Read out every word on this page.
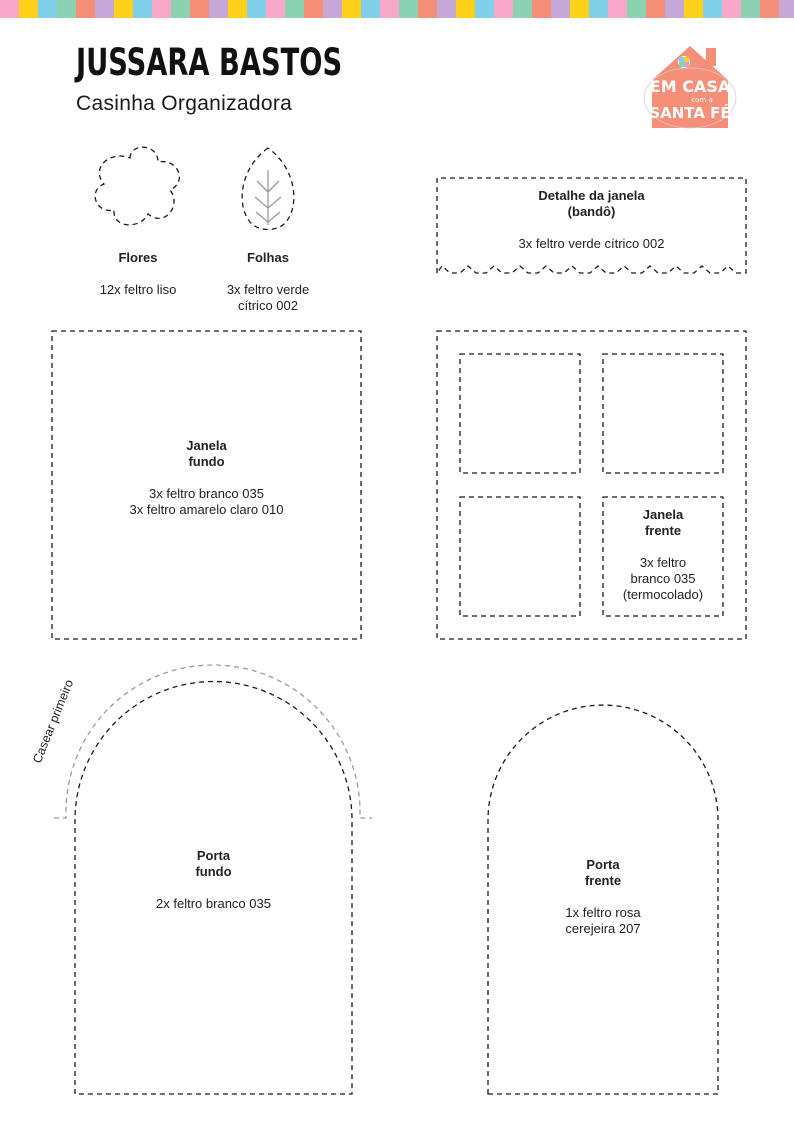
JUSSARA BASTOS
Casinha Organizadora
EM CASA
com a
SANTA FÉ
Flores
12x feltro liso
Folhas
3x feltro verde
cítrico 002
Detalhe da janela
(bandô)
3x feltro verde cítrico 002
Janela
fundo
3x feltro branco 035
3x feltro amarelo claro 010	Janela
frente
3x feltro
branco 035
(termocolado)
Porta
fundo
2x feltro branco 035
Casear primeiro
Porta
frente
1x feltro rosa
cerejeira 207
